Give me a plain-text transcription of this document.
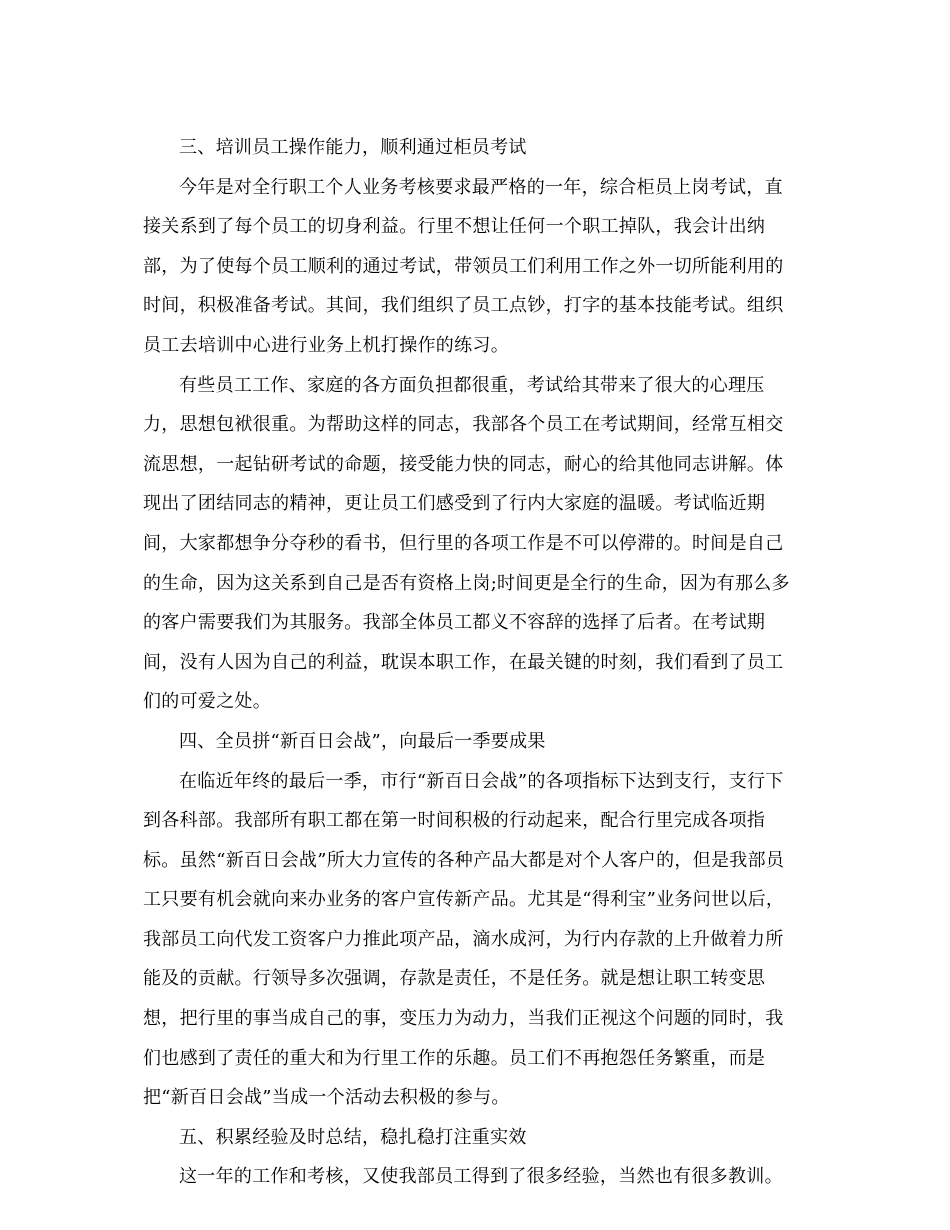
三、培训员工操作能力，顺利通过柜员考试
今年是对全行职工个人业务考核要求最严格的一年，综合柜员上岗考试，直
接关系到了每个员工的切身利益。行里不想让任何一个职工掉队，我会计出纳
部，为了使每个员工顺利的通过考试，带领员工们利用工作之外一切所能利用的
时间，积极准备考试。其间，我们组织了员工点钞，打字的基本技能考试。组织
员工去培训中心进行业务上机打操作的练习。
有些员工工作、家庭的各方面负担都很重，考试给其带来了很大的心理压
力，思想包袱很重。为帮助这样的同志，我部各个员工在考试期间，经常互相交
流思想，一起钻研考试的命题，接受能力快的同志，耐心的给其他同志讲解。体
现出了团结同志的精神，更让员工们感受到了行内大家庭的温暖。考试临近期
间，大家都想争分夺秒的看书，但行里的各项工作是不可以停滞的。时间是自己
的生命，因为这关系到自己是否有资格上岗;时间更是全行的生命，因为有那么多
的客户需要我们为其服务。我部全体员工都义不容辞的选择了后者。在考试期
间，没有人因为自己的利益，耽误本职工作，在最关键的时刻，我们看到了员工
们的可爱之处。
四、全员拼“新百日会战”，向最后一季要成果
在临近年终的最后一季，市行“新百日会战”的各项指标下达到支行，支行下
到各科部。我部所有职工都在第一时间积极的行动起来，配合行里完成各项指
标。虽然“新百日会战”所大力宣传的各种产品大都是对个人客户的，但是我部员
工只要有机会就向来办业务的客户宣传新产品。尤其是“得利宝”业务问世以后，
我部员工向代发工资客户力推此项产品，滴水成河，为行内存款的上升做着力所
能及的贡献。行领导多次强调，存款是责任，不是任务。就是想让职工转变思
想，把行里的事当成自己的事，变压力为动力，当我们正视这个问题的同时，我
们也感到了责任的重大和为行里工作的乐趣。员工们不再抱怨任务繁重，而是
把“新百日会战”当成一个活动去积极的参与。
五、积累经验及时总结，稳扎稳打注重实效
这一年的工作和考核，又使我部员工得到了很多经验，当然也有很多教训。
